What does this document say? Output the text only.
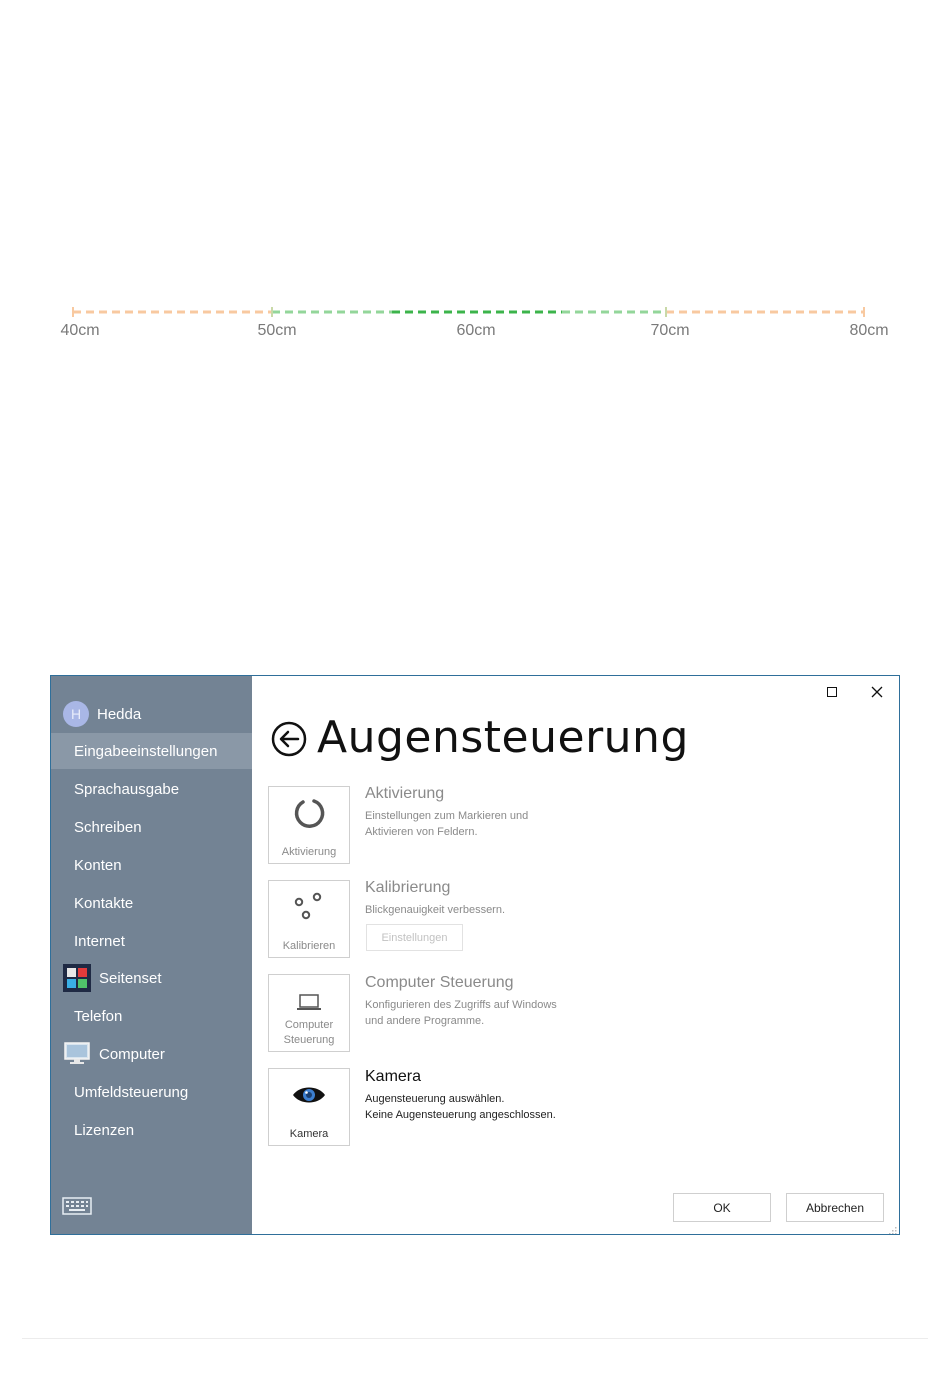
40cm	50cm	60cm	70cm	80cm
H	Hedda
Eingabeeinstellungen
Sprachausgabe
Schreiben
Konten
Kontakte
Internet
Seitenset
Telefon
Computer
Umfeldsteuerung
Lizenzen
Augensteuerung
Aktivierung
Aktivierung
Einstellungen zum Markieren und
Aktivieren von Feldern.
Kalibrieren
Kalibrierung
Blickgenauigkeit verbessern.
Einstellungen
Computer
Steuerung
Computer Steuerung
Konfigurieren des Zugriffs auf Windows
und andere Programme.
Kamera
Kamera
Augensteuerung auswählen.
Keine Augensteuerung angeschlossen.
OK	Abbrechen
